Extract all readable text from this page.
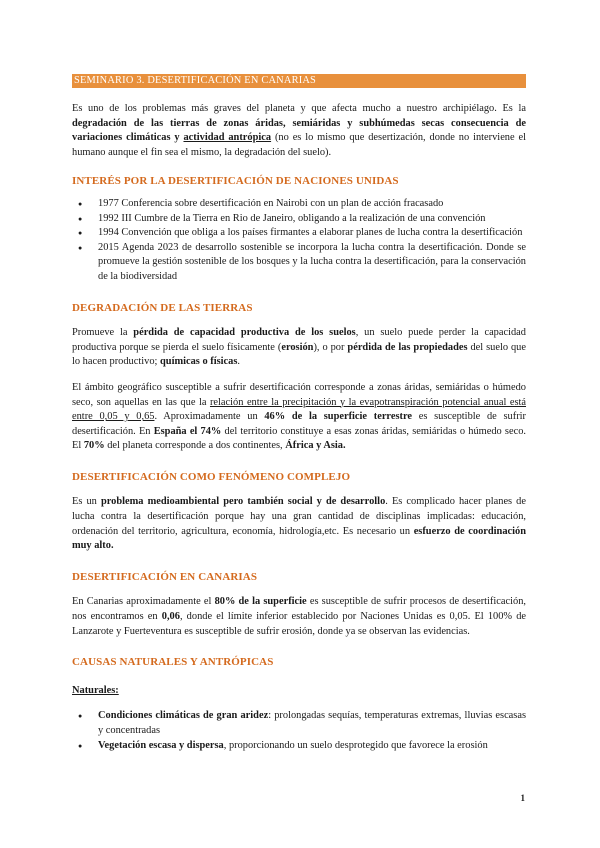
SEMINARIO 3. DESERTIFICACIÓN EN CANARIAS

Es uno de los problemas más graves del planeta y que afecta mucho a nuestro archipiélago. Es la degradación de las tierras de zonas áridas, semiáridas y subhúmedas secas consecuencia de variaciones climáticas y actividad antrópica (no es lo mismo que desertización, donde no interviene el humano aunque el fin sea el mismo, la degradación del suelo).

INTERÉS POR LA DESERTIFICACIÓN DE NACIONES UNIDAS
● 1977 Conferencia sobre desertificación en Nairobi con un plan de acción fracasado
● 1992 III Cumbre de la Tierra en Rio de Janeiro, obligando a la realización de una convención
● 1994 Convención que obliga a los países firmantes a elaborar planes de lucha contra la desertificación
● 2015 Agenda 2023 de desarrollo sostenible se incorpora la lucha contra la desertificación. Donde se promueve la gestión sostenible de los bosques y la lucha contra la desertificación, para la conservación de la biodiversidad
DEGRADACIÓN DE LAS TIERRAS

Promueve la pérdida de capacidad productiva de los suelos, un suelo puede perder la capacidad productiva porque se pierda el suelo físicamente (erosión), o por pérdida de las propiedades del suelo que lo hacen productivo; químicas o físicas.

El ámbito geográfico susceptible a sufrir desertificación corresponde a zonas áridas, semiáridas o húmedo seco, son aquellas en las que la relación entre la precipitación y la evapotranspiración potencial anual está entre 0,05 y 0,65. Aproximadamente un 46% de la superficie terrestre es susceptible de sufrir desertificación. En España el 74% del territorio constituye a esas zonas áridas, semiáridas o húmedo seco. El 70% del planeta corresponde a dos continentes, África y Asia.

DESERTIFICACIÓN COMO FENÓMENO COMPLEJO

Es un problema medioambiental pero también social y de desarrollo. Es complicado hacer planes de lucha contra la desertificación porque hay una gran cantidad de disciplinas implicadas: educación, ordenación del territorio, agricultura, economía, hidrología,etc. Es necesario un esfuerzo de coordinación muy alto.

DESERTIFICACIÓN EN CANARIAS

En Canarias aproximadamente el 80% de la superficie es susceptible de sufrir procesos de desertificación, nos encontramos en 0,06, donde el límite inferior establecido por Naciones Unidas es 0,05. El 100% de Lanzarote y Fuerteventura es susceptible de sufrir erosión, donde ya se observan las evidencias.

CAUSAS NATURALES Y ANTRÓPICAS
Naturales:
● Condiciones climáticas de gran aridez: prolongadas sequías, temperaturas extremas, lluvias escasas y concentradas
● Vegetación escasa y dispersa, proporcionando un suelo desprotegido que favorece la erosión
1
